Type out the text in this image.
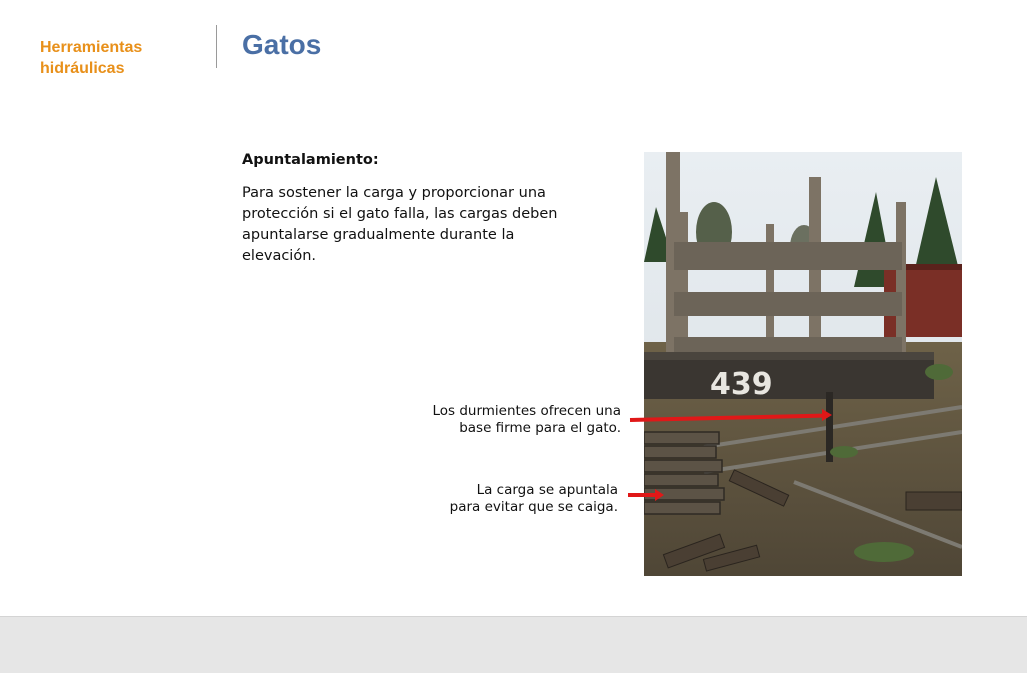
Herramientas
hidráulicas
Gatos
Apuntalamiento:
Para sostener la carga y proporcionar una protección si el gato falla, las cargas deben apuntalarse gradualmente durante la elevación.
Los durmientes ofrecen una
base firme para el gato.
La carga se apuntala
para evitar que se caiga.
439
